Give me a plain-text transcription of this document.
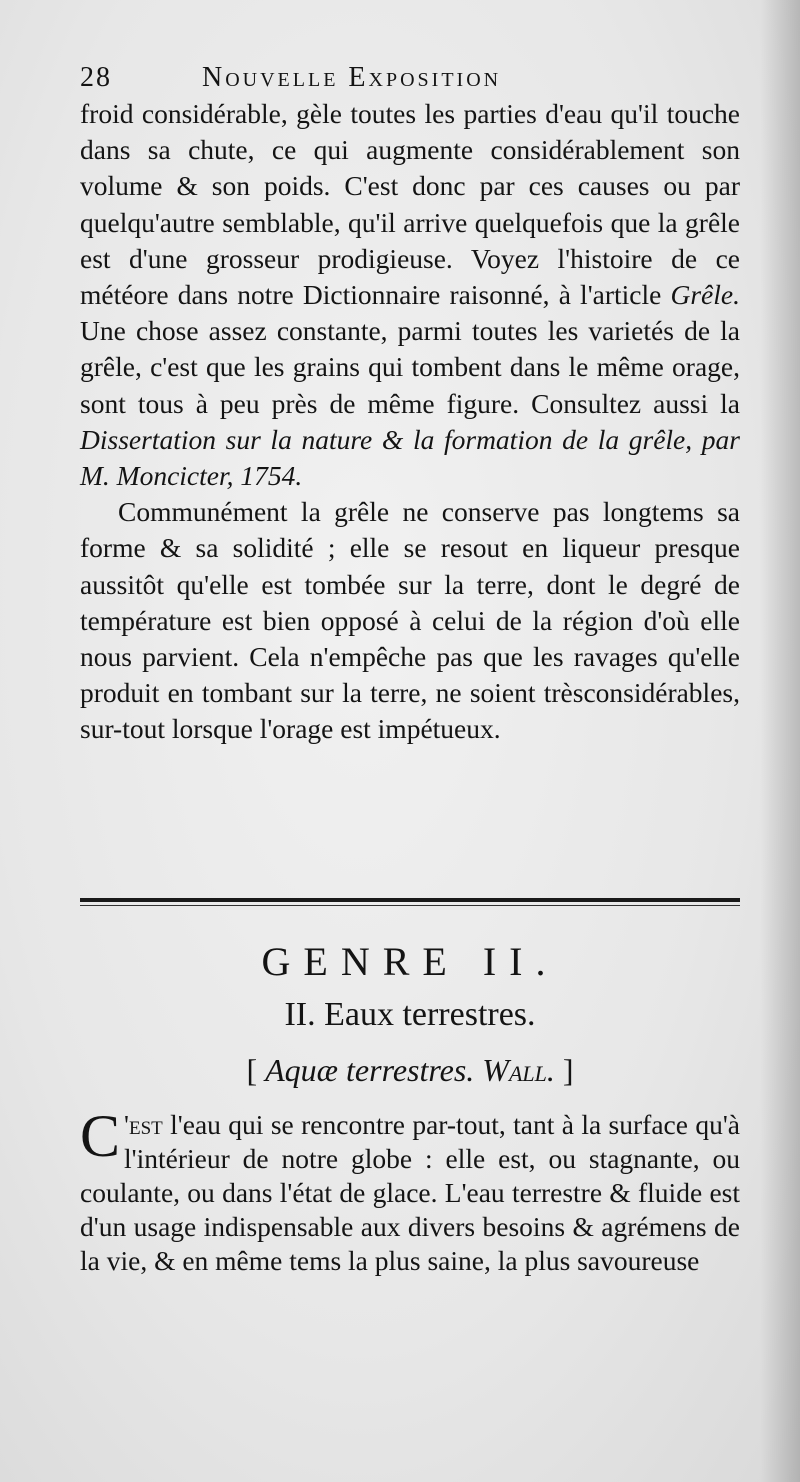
28	Nouvelle Exposition

froid considérable, gèle toutes les parties d'eau qu'il touche dans sa chute, ce qui augmente considérablement son volume & son poids. C'est donc par ces causes ou par quelqu'autre semblable, qu'il arrive quelquefois que la grêle est d'une grosseur prodigieuse. Voyez l'histoire de ce météore dans notre Dictionnaire raisonné, à l'article Grêle. Une chose assez constante, parmi toutes les varietés de la grêle, c'est que les grains qui tombent dans le même orage, sont tous à peu près de même figure. Consultez aussi la Dissertation sur la nature & la formation de la grêle, par M. Moncicter, 1754.

Communément la grêle ne conserve pas longtems sa forme & sa solidité ; elle se resout en liqueur presque aussitôt qu'elle est tombée sur la terre, dont le degré de température est bien opposé à celui de la région d'où elle nous parvient. Cela n'empêche pas que les ravages qu'elle produit en tombant sur la terre, ne soient trèsconsidérables, sur-tout lorsque l'orage est impétueux.

GENRE II.
II. Eaux terrestres.
[ Aquæ terrestres. Wall. ]

C 'est l'eau qui se rencontre par-tout, tant à la surface qu'à l'intérieur de notre globe : elle est, ou stagnante, ou coulante, ou dans l'état de glace. L'eau terrestre & fluide est d'un usage indispensable aux divers besoins & agrémens de la vie, & en même tems la plus saine, la plus savoureuse
